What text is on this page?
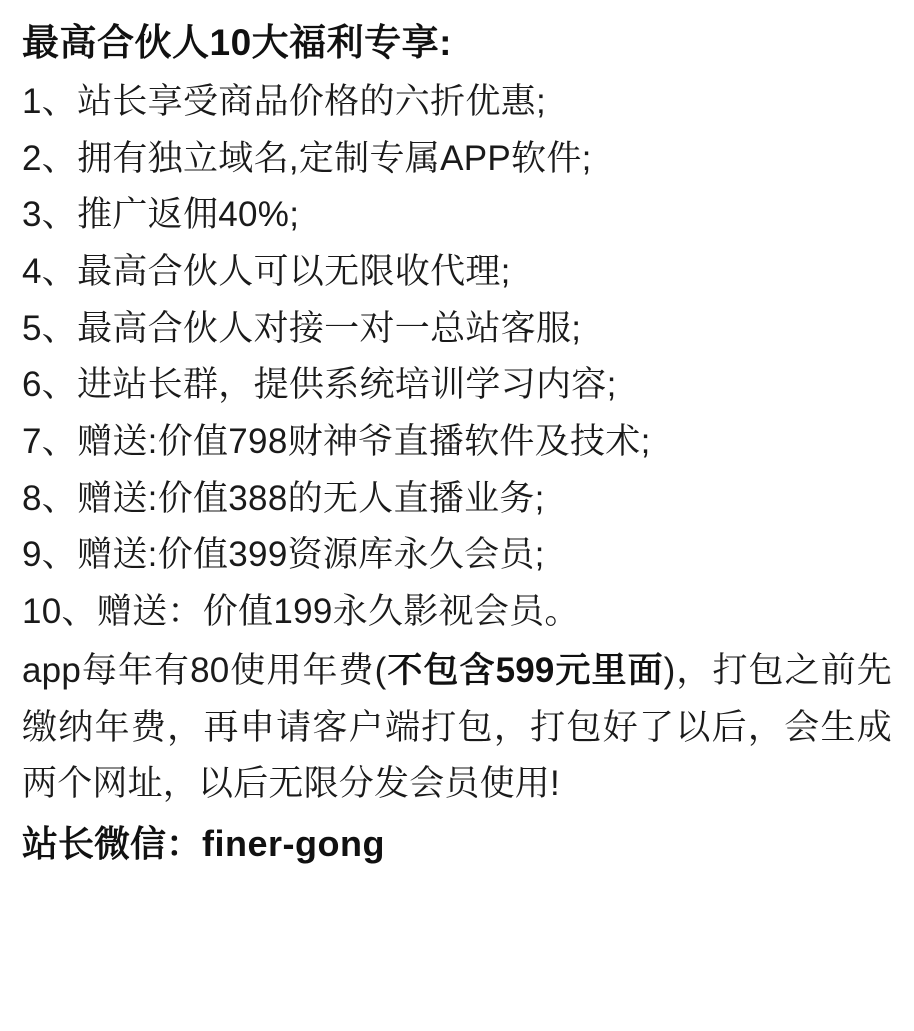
最高合伙人10大福利专享:
1、站长享受商品价格的六折优惠;
2、拥有独立域名,定制专属APP软件;
3、推广返佣40%;
4、最高合伙人可以无限收代理;
5、最高合伙人对接一对一总站客服;
6、进站长群，提供系统培训学习内容;
7、赠送:价值798财神爷直播软件及技术;
8、赠送:价值388的无人直播业务;
9、赠送:价值399资源库永久会员;
10、赠送：价值199永久影视会员。

app每年有80使用年费(不包含599元里面)，打包之前先缴纳年费，再申请客户端打包，打包好了以后，会生成两个网址，以后无限分发会员使用!

站长微信：finer-gong
